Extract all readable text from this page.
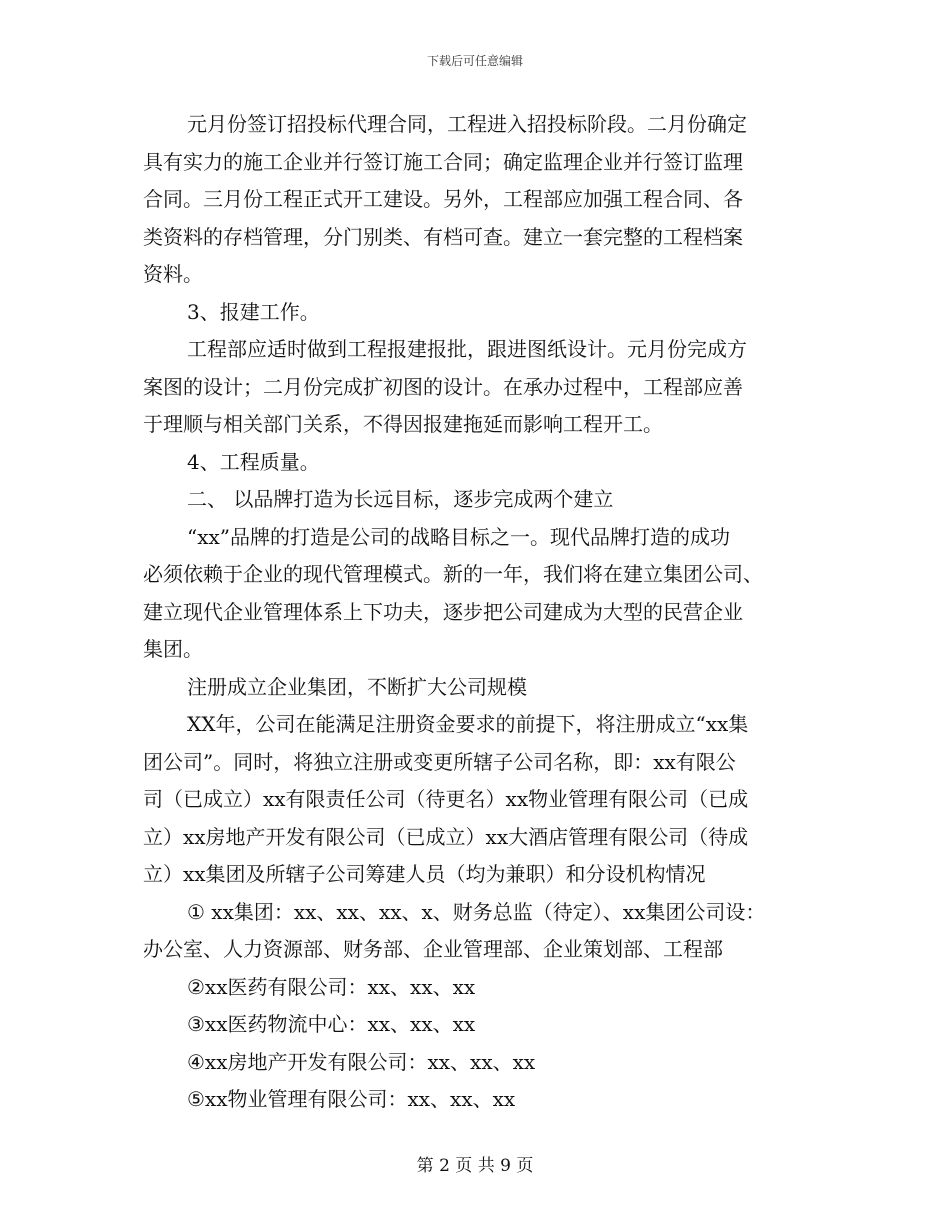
下载后可任意编辑

元月份签订招投标代理合同，工程进入招投标阶段。二月份确定

具有实力的施工企业并行签订施工合同；确定监理企业并行签订监理

合同。三月份工程正式开工建设。另外，工程部应加强工程合同、各

类资料的存档管理，分门别类、有档可查。建立一套完整的工程档案

资料。

3、报建工作。

工程部应适时做到工程报建报批，跟进图纸设计。元月份完成方

案图的设计；二月份完成扩初图的设计。在承办过程中，工程部应善

于理顺与相关部门关系，不得因报建拖延而影响工程开工。

4、工程质量。

二、 以品牌打造为长远目标，逐步完成两个建立

“xx”品牌的打造是公司的战略目标之一。现代品牌打造的成功

必须依赖于企业的现代管理模式。新的一年，我们将在建立集团公司、

建立现代企业管理体系上下功夫，逐步把公司建成为大型的民营企业

集团。

注册成立企业集团，不断扩大公司规模

XX年，公司在能满足注册资金要求的前提下，将注册成立“xx集

团公司”。同时，将独立注册或变更所辖子公司名称，即：xx有限公

司（已成立）xx有限责任公司（待更名）xx物业管理有限公司（已成

立）xx房地产开发有限公司（已成立）xx大酒店管理有限公司（待成

立）xx集团及所辖子公司筹建人员（均为兼职）和分设机构情况

① xx集团：xx、xx、xx、x、财务总监（待定）、xx集团公司设：

办公室、人力资源部、财务部、企业管理部、企业策划部、工程部

②xx医药有限公司：xx、xx、xx

③xx医药物流中心：xx、xx、xx

④xx房地产开发有限公司：xx、xx、xx

⑤xx物业管理有限公司：xx、xx、xx

第 2 页 共 9 页
